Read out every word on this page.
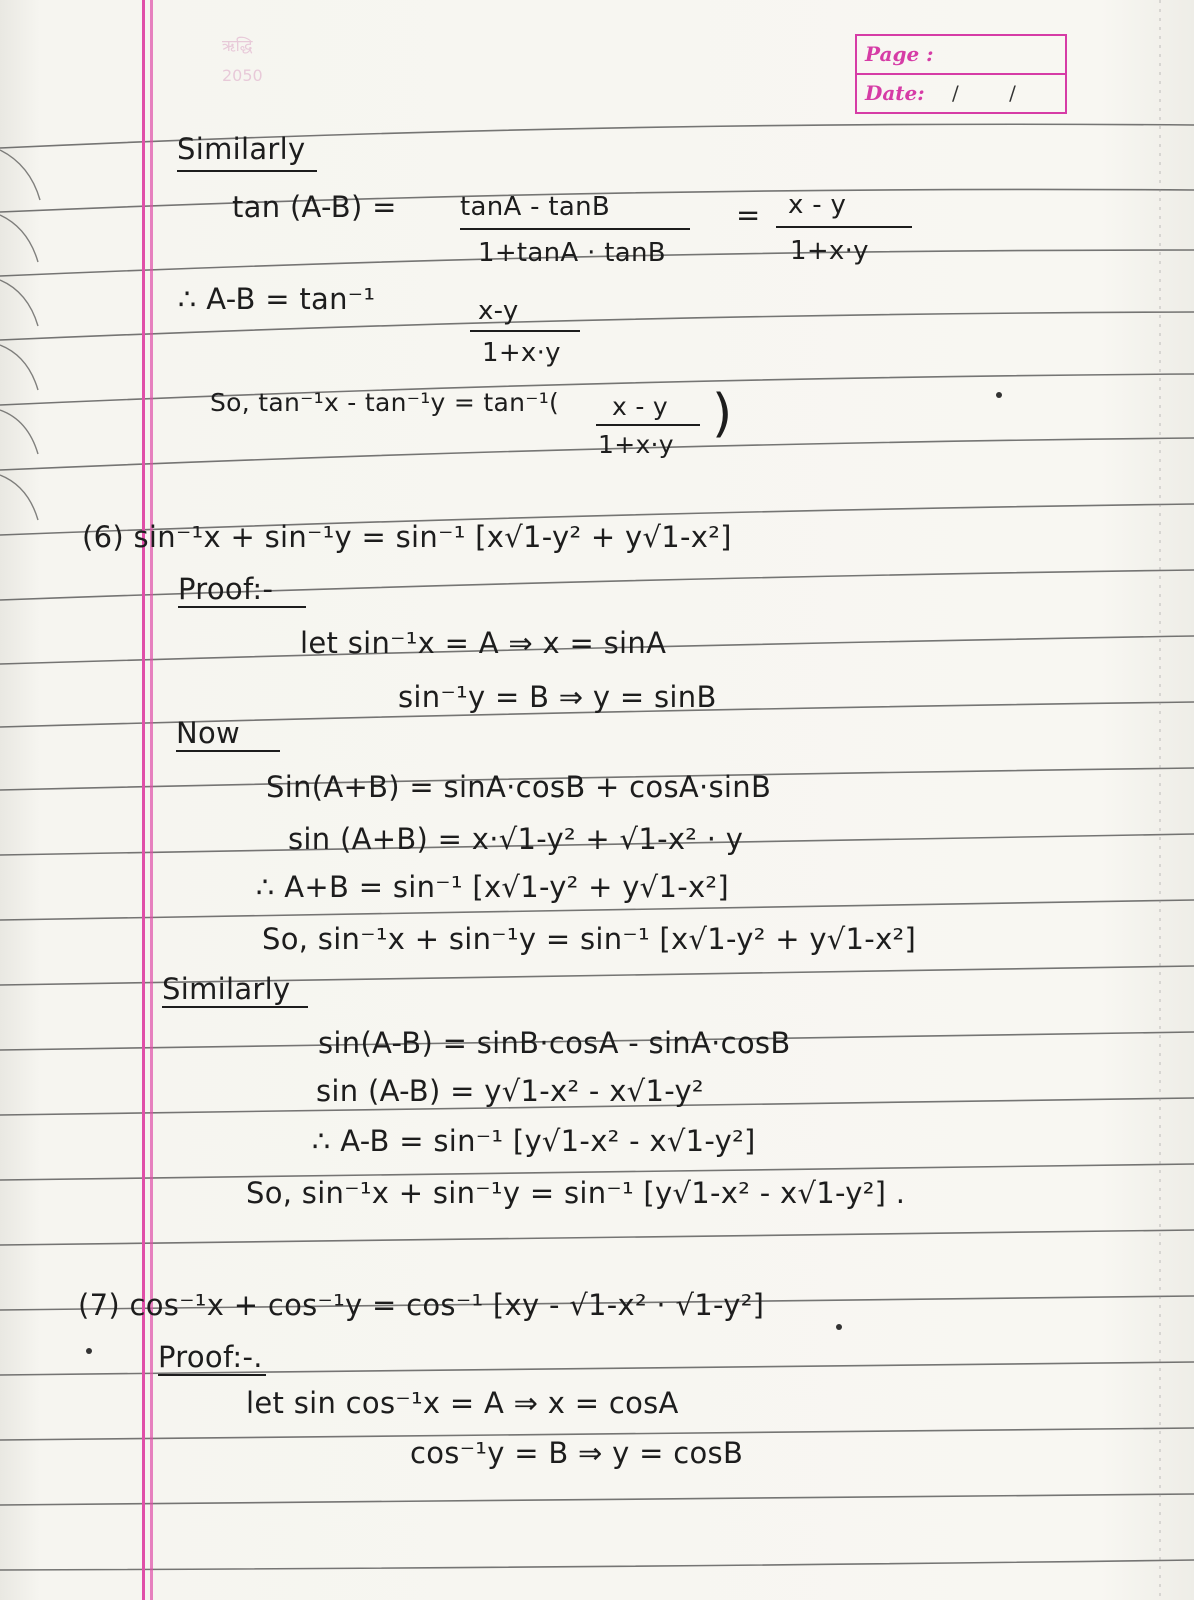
ऋद्धि
2050
Page :
Date: / /
Similarly
tan (A-B) = tanA - tanB
1+tanA · tanB
= x - y
1+x·y
∴ A-B = tan⁻¹	x-y
1+x·y
So, tan⁻¹x - tan⁻¹y = tan⁻¹( x - y
1+x·y
)
(6) sin⁻¹x + sin⁻¹y = sin⁻¹ [x√1-y² + y√1-x²]
Proof:-
let sin⁻¹x = A ⇒ x = sinA
sin⁻¹y = B ⇒ y = sinB
Now
Sin(A+B) = sinA·cosB + cosA·sinB
sin (A+B) = x·√1-y² + √1-x² · y
∴ A+B = sin⁻¹ [x√1-y² + y√1-x²]
So, sin⁻¹x + sin⁻¹y = sin⁻¹ [x√1-y² + y√1-x²]
Similarly
sin(A-B) = sinB·cosA - sinA·cosB
sin (A-B) = y√1-x² - x√1-y²
∴ A-B = sin⁻¹ [y√1-x² - x√1-y²]
So, sin⁻¹x + sin⁻¹y = sin⁻¹ [y√1-x² - x√1-y²] .
(7) cos⁻¹x + cos⁻¹y = cos⁻¹ [xy - √1-x² · √1-y²]
Proof:-.
let sin cos⁻¹x = A ⇒ x = cosA
cos⁻¹y = B ⇒ y = cosB
